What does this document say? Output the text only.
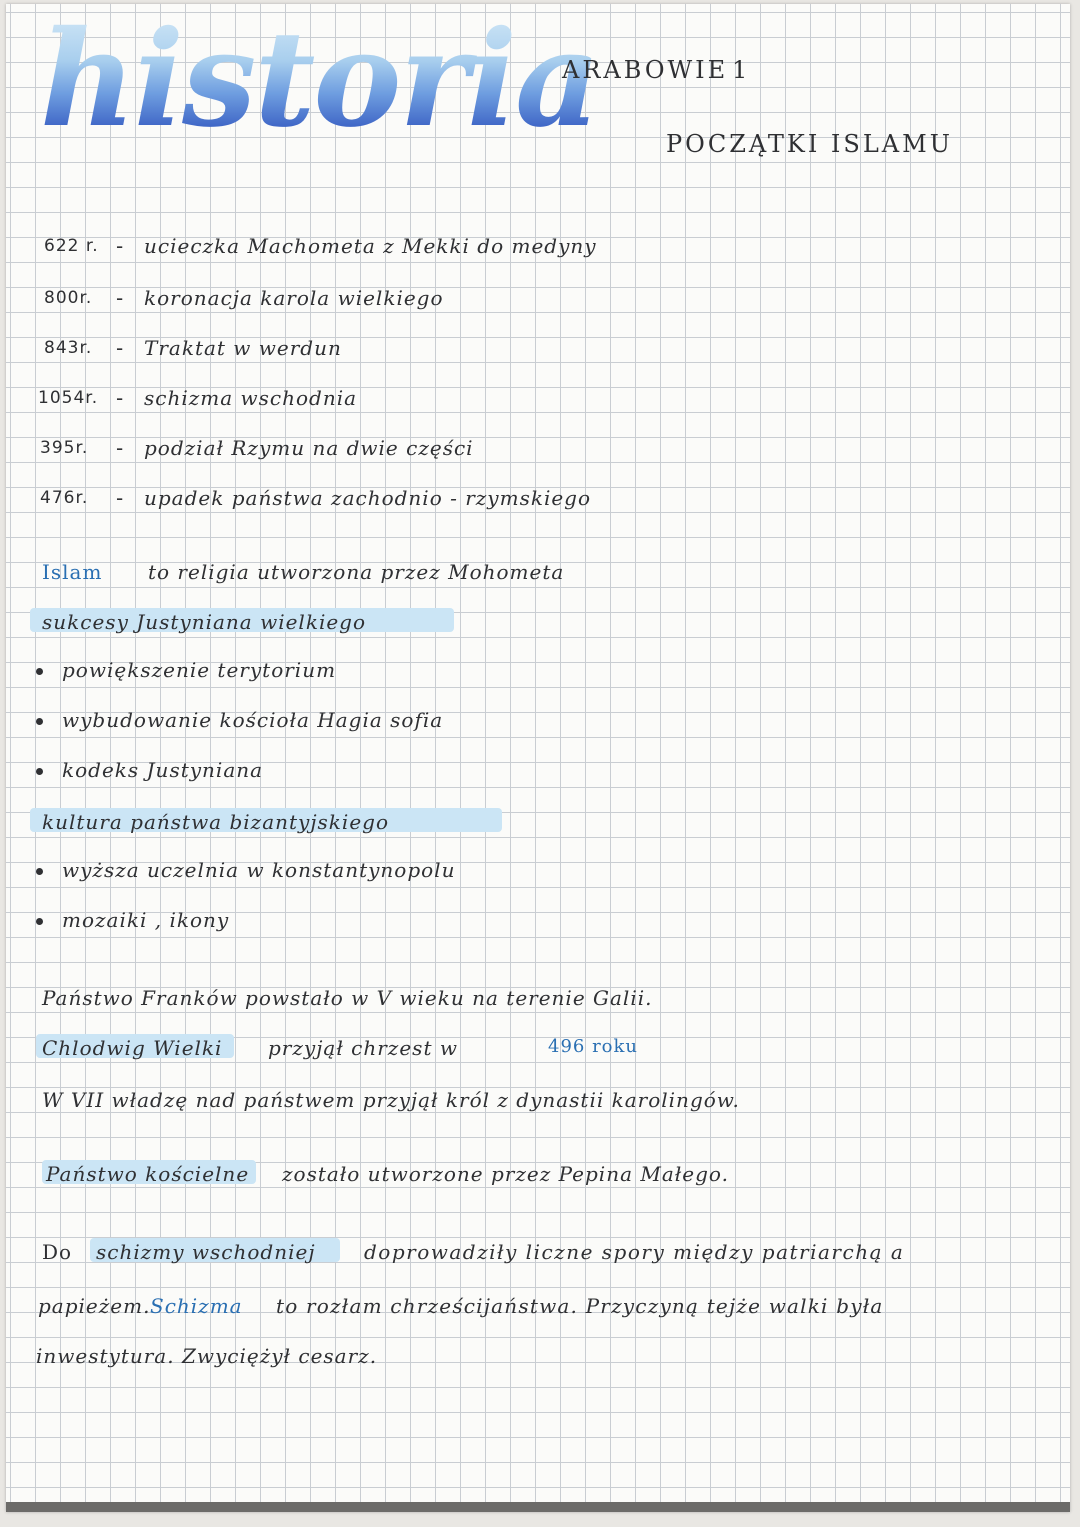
historia
ARABOWIE 1
POCZĄTKI ISLAMU
622 r. - ucieczka Machometa z Mekki do medyny
800r. - koronacja karola wielkiego
843r. - Traktat w werdun
1054r. - schizma wschodnia
395r. - podział Rzymu na dwie części
476r. - upadek państwa zachodnio - rzymskiego
Islam to religia utworzona przez Mohometa
sukcesy Justyniana wielkiego
powiększenie terytorium
wybudowanie kościoła Hagia sofia
kodeks Justyniana
kultura państwa bizantyjskiego
wyższa uczelnia w konstantynopolu
mozaiki , ikony
Państwo Franków powstało w V wieku na terenie Galii.
Chlodwig Wielki przyjął chrzest w	496 roku
W VII władzę nad państwem przyjął król z dynastii karolingów.
Państwo kościelne zostało utworzone przez Pepina Małego.
Do schizmy wschodniej doprowadziły liczne spory między patriarchą a
papieżem. Schizma to rozłam chrześcijaństwa. Przyczyną tejże walki była
inwestytura. Zwyciężył cesarz.
